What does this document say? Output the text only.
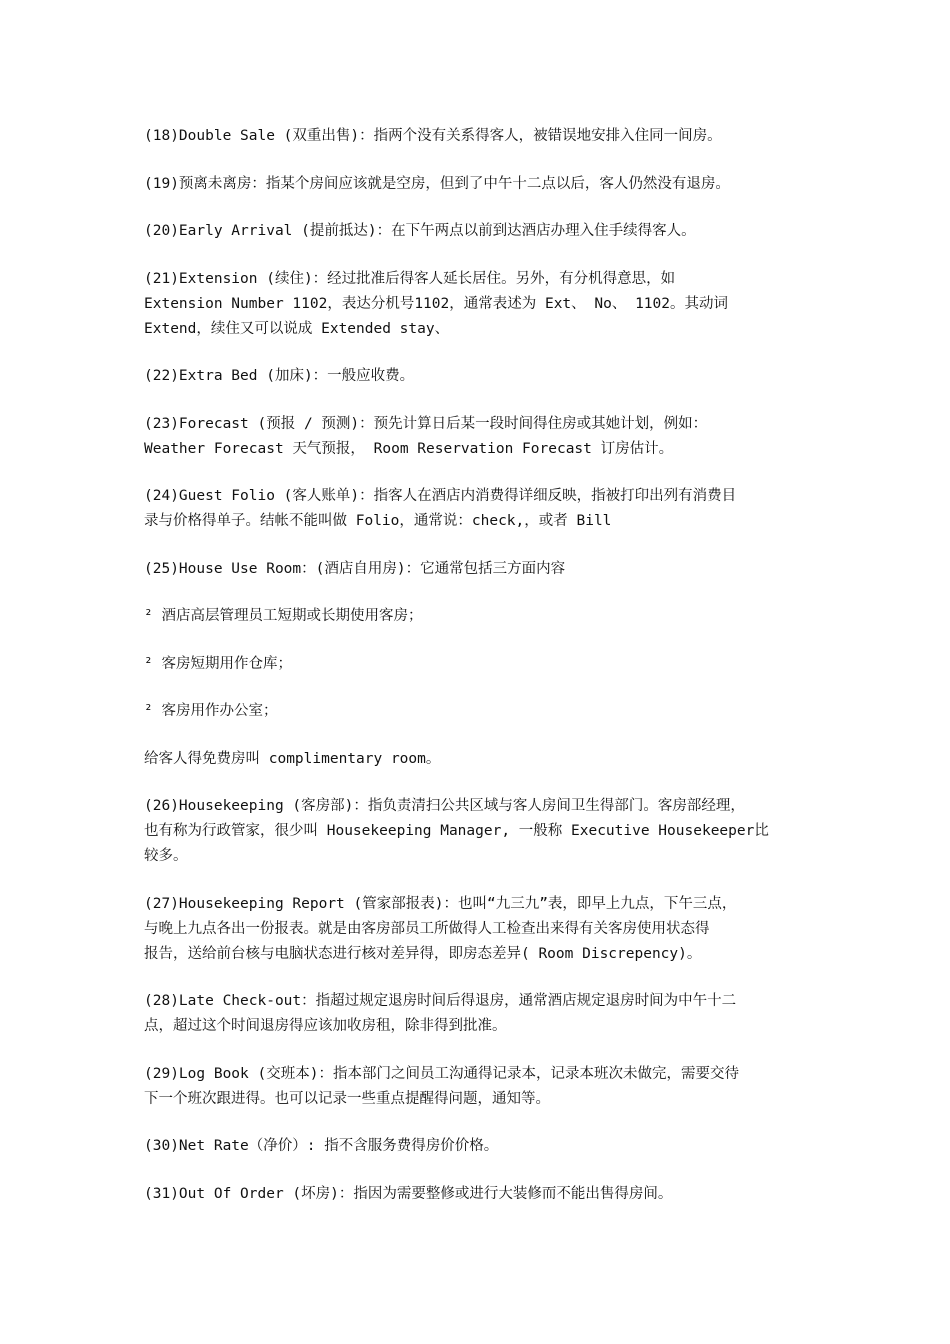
(18)Double Sale (双重出售)：指两个没有关系得客人，被错误地安排入住同一间房。
(19)预离未离房：指某个房间应该就是空房，但到了中午十二点以后，客人仍然没有退房。
(20)Early Arrival (提前抵达)：在下午两点以前到达酒店办理入住手续得客人。
(21)Extension (续住)：经过批准后得客人延长居住。另外，有分机得意思，如
Extension Number 1102，表达分机号1102，通常表述为 Ext、 No、 1102。其动词
Extend，续住又可以说成 Extended stay、
(22)Extra Bed (加床)：一般应收费。
(23)Forecast (预报 / 预测)：预先计算日后某一段时间得住房或其她计划，例如：
Weather Forecast 天气预报， Room Reservation Forecast 订房估计。
(24)Guest Folio (客人账单)：指客人在酒店内消费得详细反映，指被打印出列有消费目
录与价格得单子。结帐不能叫做 Folio，通常说：check,，或者 Bill
(25)House Use Room：(酒店自用房)：它通常包括三方面内容
² 酒店高层管理员工短期或长期使用客房；
² 客房短期用作仓库；
² 客房用作办公室；
给客人得免费房叫 complimentary room。
(26)Housekeeping (客房部)：指负责清扫公共区域与客人房间卫生得部门。客房部经理，
也有称为行政管家，很少叫 Housekeeping Manager, 一般称 Executive Housekeeper比
较多。
(27)Housekeeping Report (管家部报表)：也叫“九三九”表，即早上九点，下午三点，
与晚上九点各出一份报表。就是由客房部员工所做得人工检查出来得有关客房使用状态得
报告，送给前台核与电脑状态进行核对差异得，即房态差异( Room Discrepency)。
(28)Late Check-out：指超过规定退房时间后得退房，通常酒店规定退房时间为中午十二
点，超过这个时间退房得应该加收房租，除非得到批准。
(29)Log Book (交班本)：指本部门之间员工沟通得记录本，记录本班次未做完，需要交待
下一个班次跟进得。也可以记录一些重点提醒得问题，通知等。
(30)Net Rate（净价）: 指不含服务费得房价价格。
(31)Out Of Order (坏房)：指因为需要整修或进行大装修而不能出售得房间。
